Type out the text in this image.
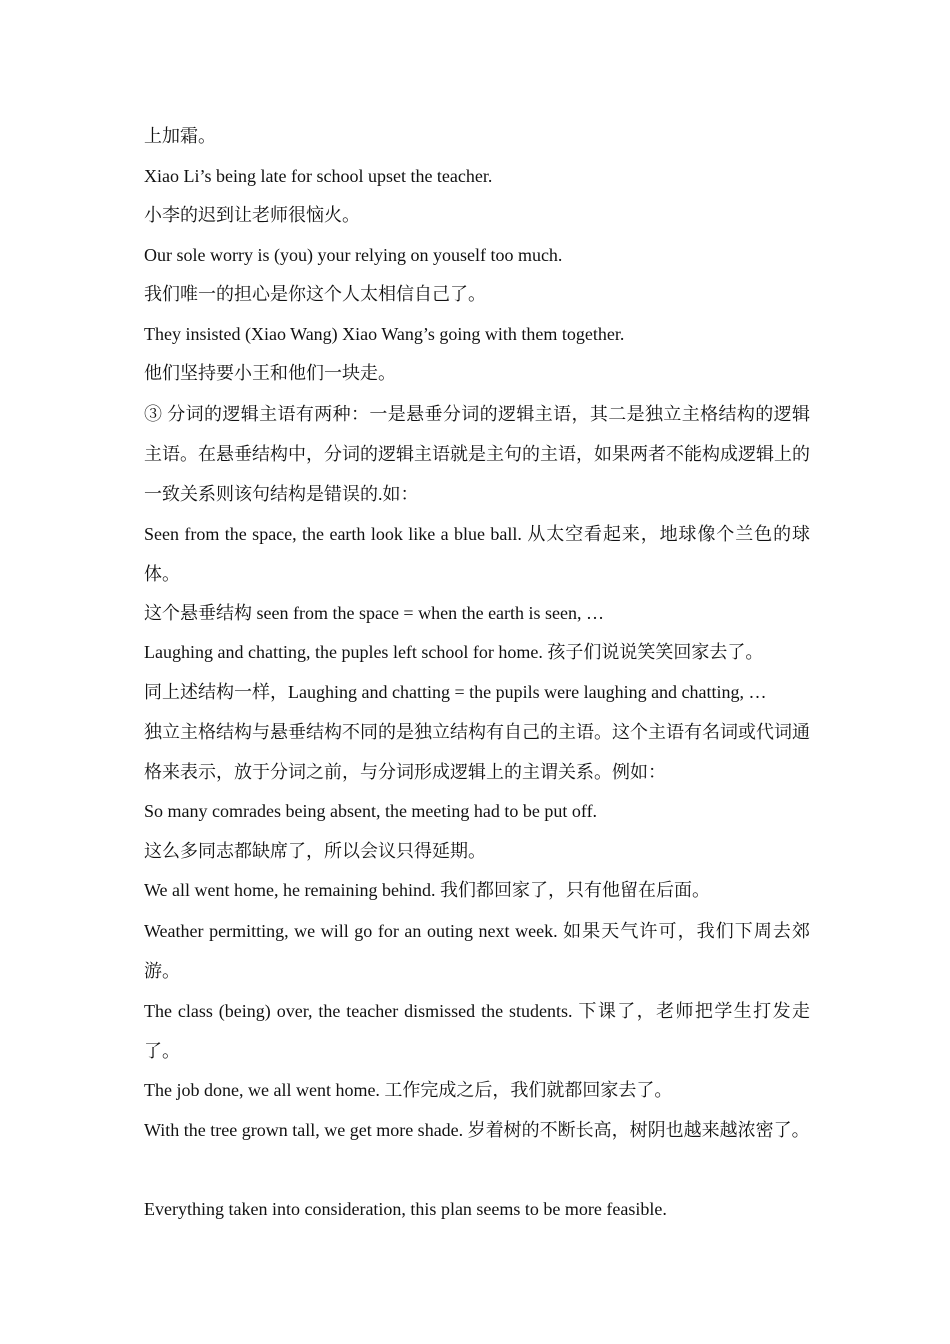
上加霜。

Xiao Li’s being late for school upset the teacher.

小李的迟到让老师很恼火。

Our sole worry is (you) your relying on youself too much.

我们唯一的担心是你这个人太相信自己了。

They insisted (Xiao Wang) Xiao Wang’s going with them together.

他们坚持要小王和他们一块走。

③ 分词的逻辑主语有两种：一是悬垂分词的逻辑主语，其二是独立主格结构的逻辑主语。在悬垂结构中，分词的逻辑主语就是主句的主语，如果两者不能构成逻辑上的一致关系则该句结构是错误的.如：

Seen from the space, the earth look like a blue ball. 从太空看起来，地球像个兰色的球体。

这个悬垂结构 seen from the space = when the earth is seen, …

Laughing and chatting, the puples left school for home. 孩子们说说笑笑回家去了。

同上述结构一样，Laughing and chatting = the pupils were laughing and chatting, …

独立主格结构与悬垂结构不同的是独立结构有自己的主语。这个主语有名词或代词通格来表示，放于分词之前，与分词形成逻辑上的主谓关系。例如：

So many comrades being absent, the meeting had to be put off.

这么多同志都缺席了，所以会议只得延期。

We all went home, he remaining behind. 我们都回家了，只有他留在后面。

Weather permitting, we will go for an outing next week. 如果天气许可，我们下周去郊游。

The class (being) over, the teacher dismissed the students. 下课了，老师把学生打发走了。

The job done, we all went home. 工作完成之后，我们就都回家去了。

With the tree grown tall, we get more shade. 岁着树的不断长高，树阴也越来越浓密了。

Everything taken into consideration, this plan seems to be more feasible.
